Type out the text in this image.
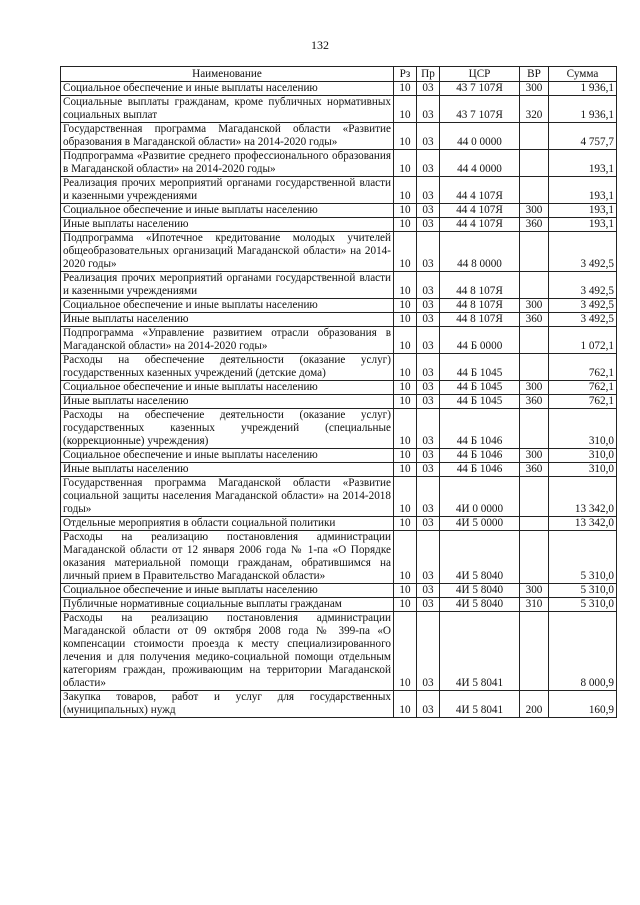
132
Наименование	Рз	Пр	ЦСР	ВР	Сумма
Социальное обеспечение и иные выплаты населению	10	03	43 7 107Я	300	1 936,1
Социальные выплаты гражданам, кроме публичных нормативных социальных выплат	10	03	43 7 107Я	320	1 936,1
Государственная программа Магаданской области «Развитие образования в Магаданской области» на 2014-2020 годы»	10	03	44 0 0000		4 757,7
Подпрограмма «Развитие среднего профессионального образования в Магаданской области» на 2014-2020 годы»	10	03	44 4 0000		193,1
Реализация прочих мероприятий органами государственной власти и казенными учреждениями	10	03	44 4 107Я		193,1
Социальное обеспечение и иные выплаты населению	10	03	44 4 107Я	300	193,1
Иные выплаты населению	10	03	44 4 107Я	360	193,1
Подпрограмма «Ипотечное кредитование молодых учителей общеобразовательных организаций Магаданской области» на 2014-2020 годы»	10	03	44 8 0000		3 492,5
Реализация прочих мероприятий органами государственной власти и казенными учреждениями	10	03	44 8 107Я		3 492,5
Социальное обеспечение и иные выплаты населению	10	03	44 8 107Я	300	3 492,5
Иные выплаты населению	10	03	44 8 107Я	360	3 492,5
Подпрограмма «Управление развитием отрасли образования в Магаданской области» на 2014-2020 годы»	10	03	44 Б 0000		1 072,1
Расходы на обеспечение деятельности (оказание услуг) государственных казенных учреждений (детские дома)	10	03	44 Б 1045		762,1
Социальное обеспечение и иные выплаты населению	10	03	44 Б 1045	300	762,1
Иные выплаты населению	10	03	44 Б 1045	360	762,1
Расходы на обеспечение деятельности (оказание услуг) государственных казенных учреждений (специальные (коррекционные) учреждения)	10	03	44 Б 1046		310,0
Социальное обеспечение и иные выплаты населению	10	03	44 Б 1046	300	310,0
Иные выплаты населению	10	03	44 Б 1046	360	310,0
Государственная программа Магаданской области «Развитие социальной защиты населения Магаданской области» на 2014-2018 годы»	10	03	4И 0 0000		13 342,0
Отдельные мероприятия в области социальной политики	10	03	4И 5 0000		13 342,0
Расходы на реализацию постановления администрации Магаданской области от 12 января 2006 года № 1-па «О Порядке оказания материальной помощи гражданам, обратившимся на личный прием в Правительство Магаданской области»	10	03	4И 5 8040		5 310,0
Социальное обеспечение и иные выплаты населению	10	03	4И 5 8040	300	5 310,0
Публичные нормативные социальные выплаты гражданам	10	03	4И 5 8040	310	5 310,0
Расходы на реализацию постановления администрации Магаданской области от 09 октября 2008 года № 399-па «О компенсации стоимости проезда к месту специализированного лечения и для получения медико-социальной помощи отдельным категориям граждан, проживающим на территории Магаданской области»	10	03	4И 5 8041		8 000,9
Закупка товаров, работ и услуг для государственных (муниципальных) нужд	10	03	4И 5 8041	200	160,9
